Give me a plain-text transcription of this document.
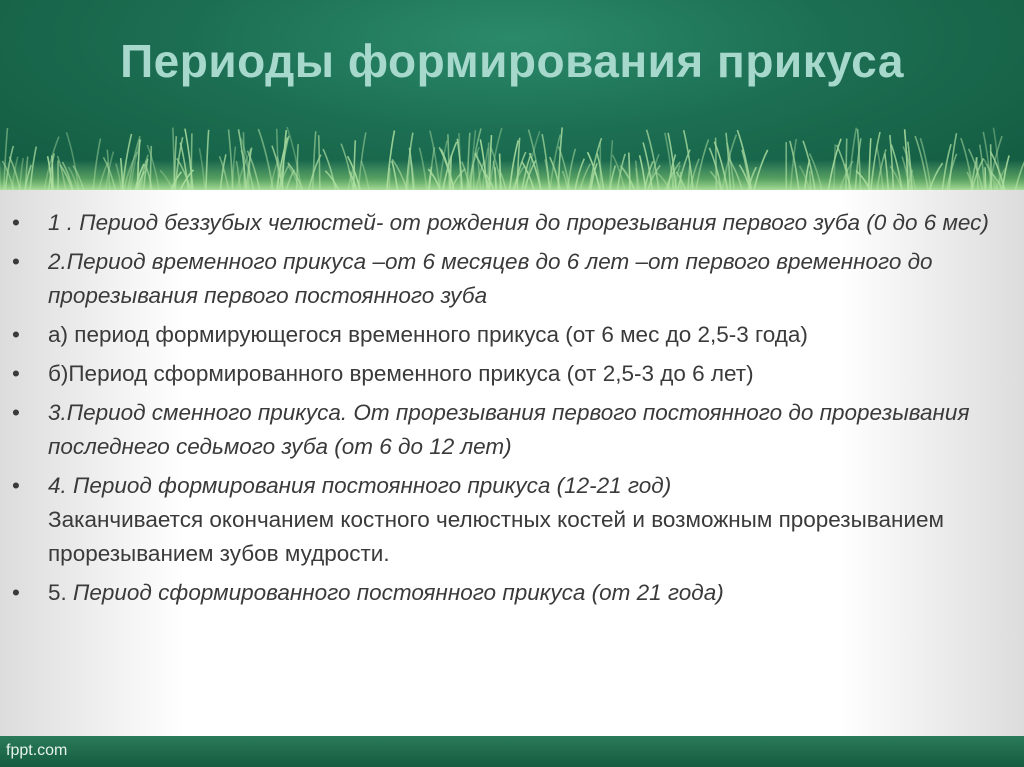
Периоды формирования прикуса
•	1 . Период беззубых челюстей- от рождения до прорезывания первого зуба (0 до 6 мес)
•	2.Период временного прикуса –от 6 месяцев до 6 лет –от первого временного до прорезывания первого постоянного зуба
•	а) период формирующегося временного прикуса (от 6 мес до 2,5-3 года)
•	б)Период сформированного временного прикуса (от 2,5-3 до 6 лет)
•	3.Период сменного прикуса. От прорезывания первого постоянного до прорезывания последнего седьмого зуба (от 6 до 12 лет)
•	4. Период формирования постоянного прикуса (12-21 год)
Заканчивается окончанием костного челюстных костей и возможным прорезыванием прорезыванием зубов мудрости.
•	5. Период сформированного постоянного прикуса (от 21 года)
fppt.com
